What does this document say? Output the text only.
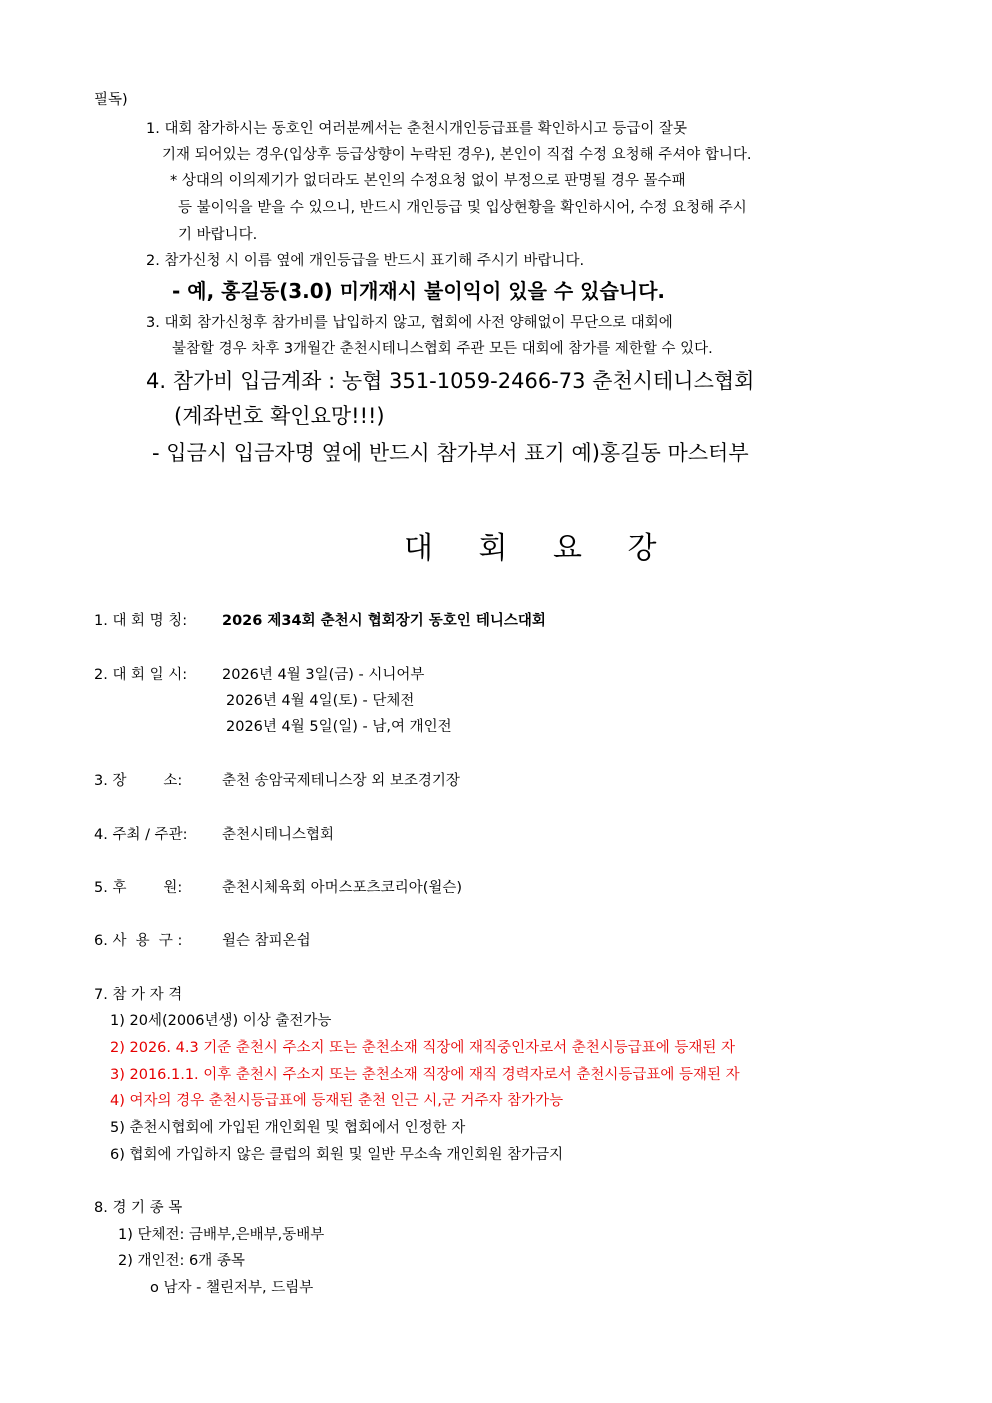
필독)
1. 대회 참가하시는 동호인 여러분께서는 춘천시개인등급표를 확인하시고 등급이 잘못
기재 되어있는 경우(입상후 등급상향이 누락된 경우), 본인이 직접 수정 요청해 주셔야 합니다.
* 상대의 이의제기가 없더라도 본인의 수정요청 없이 부정으로 판명될 경우 몰수패
등 불이익을 받을 수 있으니, 반드시 개인등급 및 입상현황을 확인하시어, 수정 요청해 주시
기 바랍니다.
2. 참가신청 시 이름 옆에 개인등급을 반드시 표기해 주시기 바랍니다.
- 예, 홍길동(3.0) 미개재시 불이익이 있을 수 있습니다.
3. 대회 참가신청후 참가비를 납입하지 않고, 협회에 사전 양해없이 무단으로 대회에
불참할 경우 차후 3개월간 춘천시테니스협회 주관 모든 대회에 참가를 제한할 수 있다.
4. 참가비 입금계좌 : 농협 351-1059-2466-73 춘천시테니스협회
(계좌번호 확인요망!!!)
- 입금시 입금자명 옆에 반드시 참가부서 표기 예)홍길동 마스터부
대 회 요 강
1. 대 회 명 칭: 2026 제34회 춘천시 협회장기 동호인 테니스대회
2. 대 회 일 시: 2026년 4월 3일(금) - 시니어부
2026년 4월 4일(토) - 단체전
2026년 4월 5일(일) - 남,여 개인전
3. 장        소:	춘천 송암국제테니스장 외 보조경기장
4. 주최 / 주관: 춘천시테니스협회
5. 후        원:	춘천시체육회 아머스포츠코리아(윌슨)
6. 사  용  구 :	윌슨 참피온쉽
7. 참 가 자 격
1) 20세(2006년생) 이상 출전가능
2) 2026. 4.3 기준 춘천시 주소지 또는 춘천소재 직장에 재직중인자로서 춘천시등급표에 등재된 자
3) 2016.1.1. 이후 춘천시 주소지 또는 춘천소재 직장에 재직 경력자로서 춘천시등급표에 등재된 자
4) 여자의 경우 춘천시등급표에 등재된 춘천 인근 시,군 거주자 참가가능
5) 춘천시협회에 가입된 개인회원 및 협회에서 인정한 자
6) 협회에 가입하지 않은 클럽의 회원 및 일반 무소속 개인회원 참가금지
8. 경 기 종 목
1) 단체전: 금배부,은배부,동배부
2) 개인전: 6개 종목
o 남자 - 챌린저부, 드림부
